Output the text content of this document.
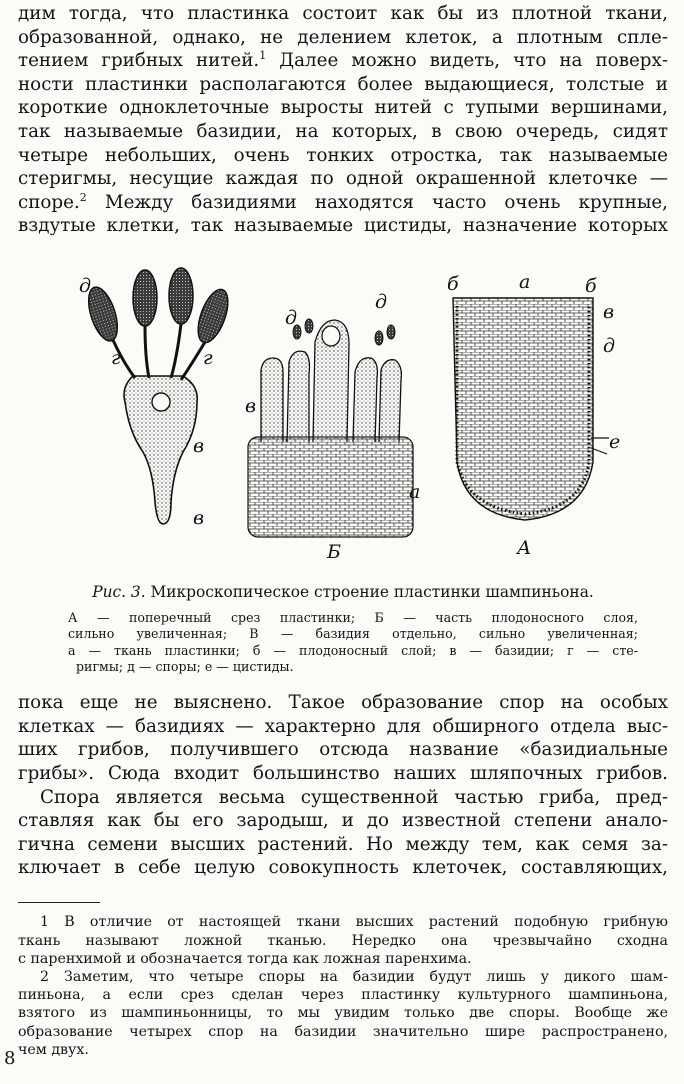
дим тогда, что пластинка состоит как бы из плотной ткани,
образованной, однако, не делением клеток, а плотным спле-
тением грибных нитей.$^1$ Далее можно видеть, что на поверх-
ности пластинки располагаются более выдающиеся, толстые и
короткие одноклеточные выросты нитей с тупыми вершинами,
так называемые базидии, на которых, в свою очередь, сидят
четыре небольших, очень тонких отростка, так называемые
стеригмы, несущие каждая по одной окрашенной клеточке —
споре.$^2$ Между базидиями находятся часто очень крупные,
вздутые клетки, так называемые цистиды, назначение которых
д
г	г
в
в
д
д
в
а
Б
б	а	б
в
д
е
А
Рис. 3. Микроскопическое строение пластинки шампиньона.
А — поперечный срез пластинки; Б — часть плодоносного слоя,
сильно увеличенная; В — базидия отдельно, сильно увеличенная;
а — ткань пластинки; б — плодоносный слой; в — базидии; г — сте-
ригмы; д — споры; е — цистиды.
пока еще не выяснено. Такое образование спор на особых
клетках — базидиях — характерно для обширного отдела выс-
ших грибов, получившего отсюда название «базидиальные
грибы». Сюда входит большинство наших шляпочных грибов.
Спора является весьма существенной частью гриба, пред-
ставляя как бы его зародыш, и до известной степени анало-
гична семени высших растений. Но между тем, как семя за-
ключает в себе целую совокупность клеточек, составляющих,
1 В отличие от настоящей ткани высших растений подобную грибную
ткань называют ложной тканью. Нередко она чрезвычайно сходна
с паренхимой и обозначается тогда как ложная паренхима.
2 Заметим, что четыре споры на базидии будут лишь у дикого шам-
пиньона, а если срез сделан через пластинку культурного шампиньона,
взятого из шампиньонницы, то мы увидим только две споры. Вообще же
образование четырех спор на базидии значительно шире распространено,
чем двух.
8
